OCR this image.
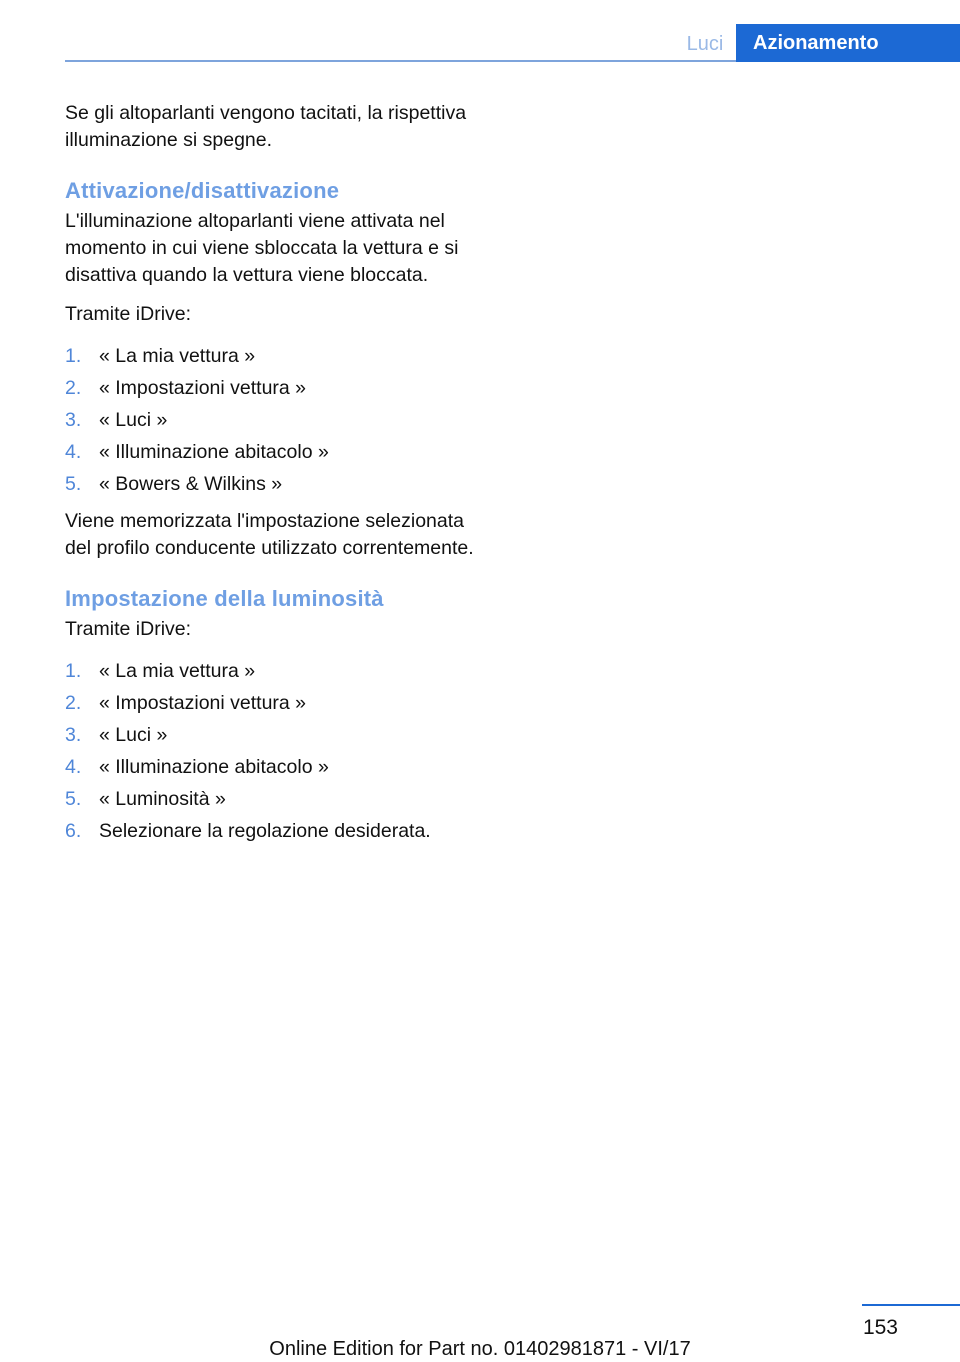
Luci	Azionamento

Se gli altoparlanti vengono tacitati, la rispettiva illuminazione si spegne.

Attivazione/disattivazione

L'illuminazione altoparlanti viene attivata nel momento in cui viene sbloccata la vettura e si disattiva quando la vettura viene bloccata.

Tramite iDrive:

1. « La mia vettura »
2. « Impostazioni vettura »
3. « Luci »
4. « Illuminazione abitacolo »
5. « Bowers & Wilkins »

Viene memorizzata l'impostazione selezionata del profilo conducente utilizzato correntemente.

Impostazione della luminosità

Tramite iDrive:

1. « La mia vettura »
2. « Impostazioni vettura »
3. « Luci »
4. « Illuminazione abitacolo »
5. « Luminosità »
6. Selezionare la regolazione desiderata.
153
Online Edition for Part no. 01402981871 - VI/17
